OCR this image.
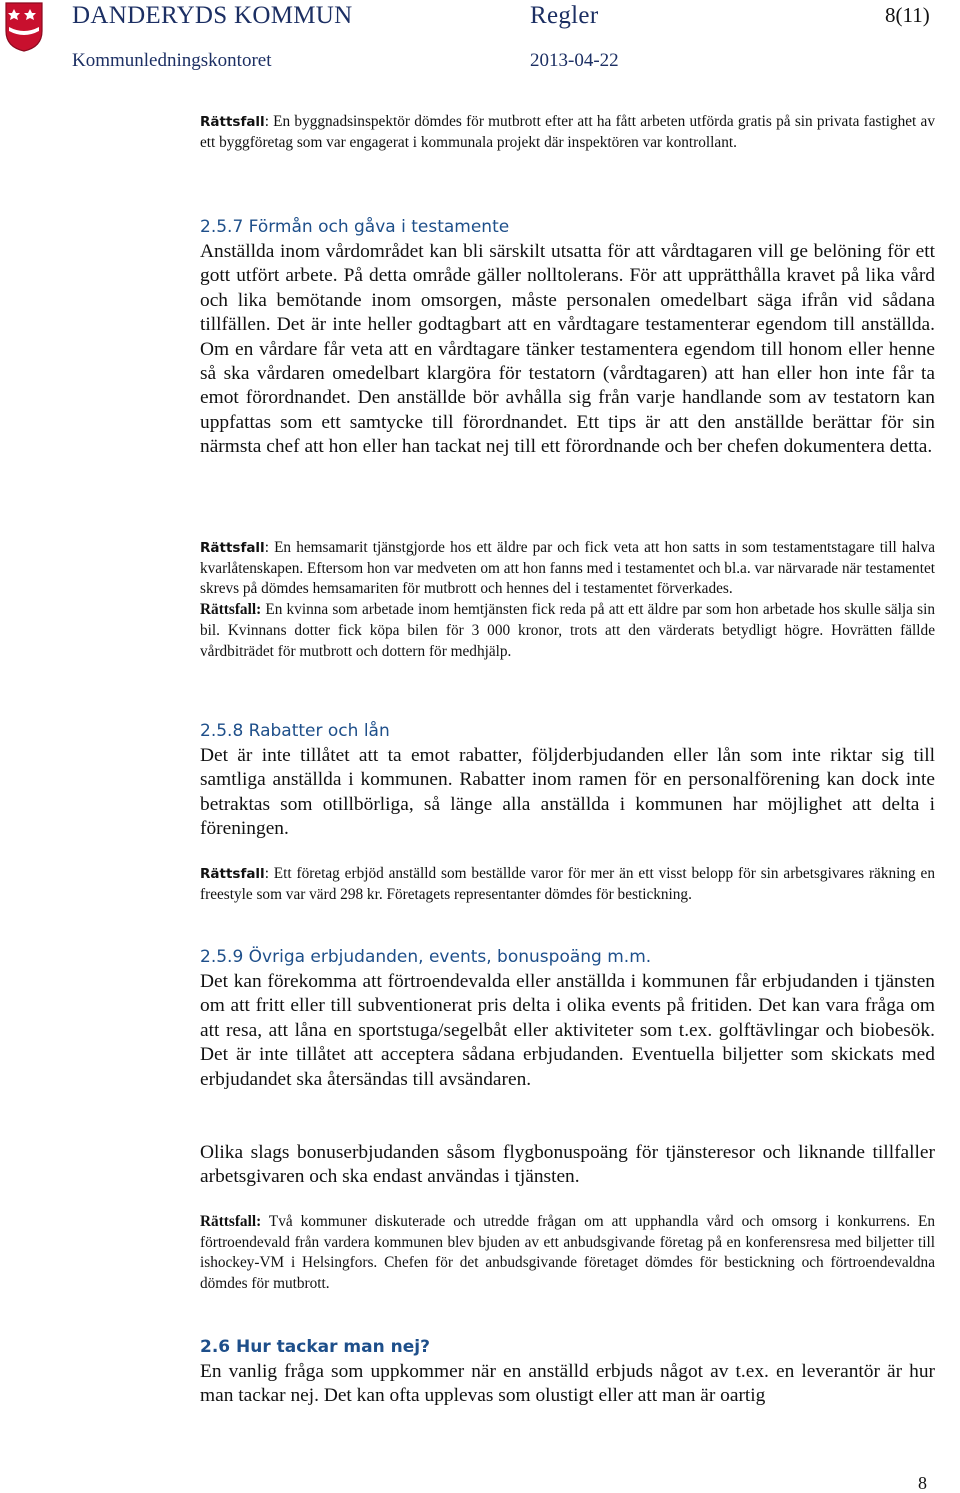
DANDERYDS KOMMUN	Regler	8(11)
Kommunledningskontoret	2013-04-22

Rättsfall: En byggnadsinspektör dömdes för mutbrott efter att ha fått arbeten utförda gratis på sin privata fastighet av ett byggföretag som var engagerat i kommunala projekt där inspektören var kontrollant.

2.5.7 Förmån och gåva i testamente
Anställda inom vårdområdet kan bli särskilt utsatta för att vårdtagaren vill ge belöning för ett gott utfört arbete. På detta område gäller nolltolerans. För att upprätthålla kravet på lika vård och lika bemötande inom omsorgen, måste personalen omedelbart säga ifrån vid sådana tillfällen. Det är inte heller godtagbart att en vårdtagare testamenterar egendom till anställda. Om en vårdare får veta att en vårdtagare tänker testamentera egendom till honom eller henne så ska vårdaren omedelbart klargöra för testatorn (vårdtagaren) att han eller hon inte får ta emot förordnandet. Den anställde bör avhålla sig från varje handlande som av testatorn kan uppfattas som ett samtycke till förordnandet. Ett tips är att den anställde berättar för sin närmsta chef att hon eller han tackat nej till ett förordnande och ber chefen dokumentera detta.

Rättsfall: En hemsamarit tjänstgjorde hos ett äldre par och fick veta att hon satts in som testamentstagare till halva kvarlåtenskapen. Eftersom hon var medveten om att hon fanns med i testamentet och bl.a. var närvarade när testamentet skrevs på dömdes hemsamariten för mutbrott och hennes del i testamentet förverkades.

Rättsfall: En kvinna som arbetade inom hemtjänsten fick reda på att ett äldre par som hon arbetade hos skulle sälja sin bil. Kvinnans dotter fick köpa bilen för 3 000 kronor, trots att den värderats betydligt högre. Hovrätten fällde vårdbiträdet för mutbrott och dottern för medhjälp.

2.5.8 Rabatter och lån
Det är inte tillåtet att ta emot rabatter, följderbjudanden eller lån som inte riktar sig till samtliga anställda i kommunen. Rabatter inom ramen för en personalförening kan dock inte betraktas som otillbörliga, så länge alla anställda i kommunen har möjlighet att delta i föreningen.

Rättsfall: Ett företag erbjöd anställd som beställde varor för mer än ett visst belopp för sin arbetsgivares räkning en freestyle som var värd 298 kr. Företagets representanter dömdes för bestickning.

2.5.9 Övriga erbjudanden, events, bonuspoäng m.m.
Det kan förekomma att förtroendevalda eller anställda i kommunen får erbjudanden i tjänsten om att fritt eller till subventionerat pris delta i olika events på fritiden. Det kan vara fråga om att resa, att låna en sportstuga/segelbåt eller aktiviteter som t.ex. golftävlingar och biobesök. Det är inte tillåtet att acceptera sådana erbjudanden. Eventuella biljetter som skickats med erbjudandet ska återsändas till avsändaren.
Olika slags bonuserbjudanden såsom flygbonuspoäng för tjänsteresor och liknande tillfaller arbetsgivaren och ska endast användas i tjänsten.

Rättsfall: Två kommuner diskuterade och utredde frågan om att upphandla vård och omsorg i konkurrens. En förtroendevald från vardera kommunen blev bjuden av ett anbudsgivande företag på en konferensresa med biljetter till ishockey-VM i Helsingfors. Chefen för det anbudsgivande företaget dömdes för bestickning och förtroendevaldna dömdes för mutbrott.

2.6 Hur tackar man nej?
En vanlig fråga som uppkommer när en anställd erbjuds något av t.ex. en leverantör är hur man tackar nej. Det kan ofta upplevas som olustigt eller att man är oartig
8
